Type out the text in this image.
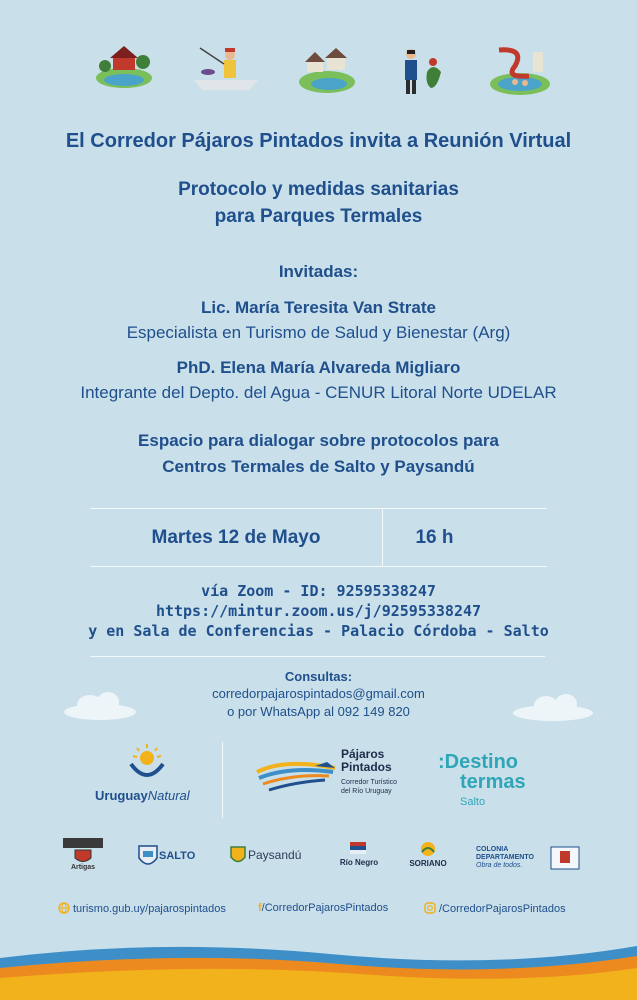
El Corredor Pájaros Pintados invita a Reunión Virtual
Protocolo y medidas sanitarias
para Parques Termales
Invitadas:
Lic. María Teresita Van Strate
Especialista en Turismo de Salud y Bienestar (Arg)
PhD. Elena María Alvareda Migliaro
Integrante del Depto. del Agua - CENUR Litoral Norte UDELAR
Espacio para dialogar sobre protocolos para
Centros Termales de Salto y Paysandú
Martes 12 de Mayo	16 h
vía Zoom - ID: 92595338247
https://mintur.zoom.us/j/92595338247
y en Sala de Conferencias - Palacio Córdoba - Salto
Consultas:
corredorpajarospintados@gmail.com
o por WhatsApp al 092 149 820
UruguayNatural
Pájaros
Pintados
Corredor Turístico
del Río Uruguay
:Destino
termas
Salto
Artigas
SALTO	Paysandú
Río Negro	SORIANO
COLONIA
DEPARTAMENTO
Obra de todos.
turismo.gub.uy/pajarospintados	f/CorredorPajarosPintados	/CorredorPajarosPintados
